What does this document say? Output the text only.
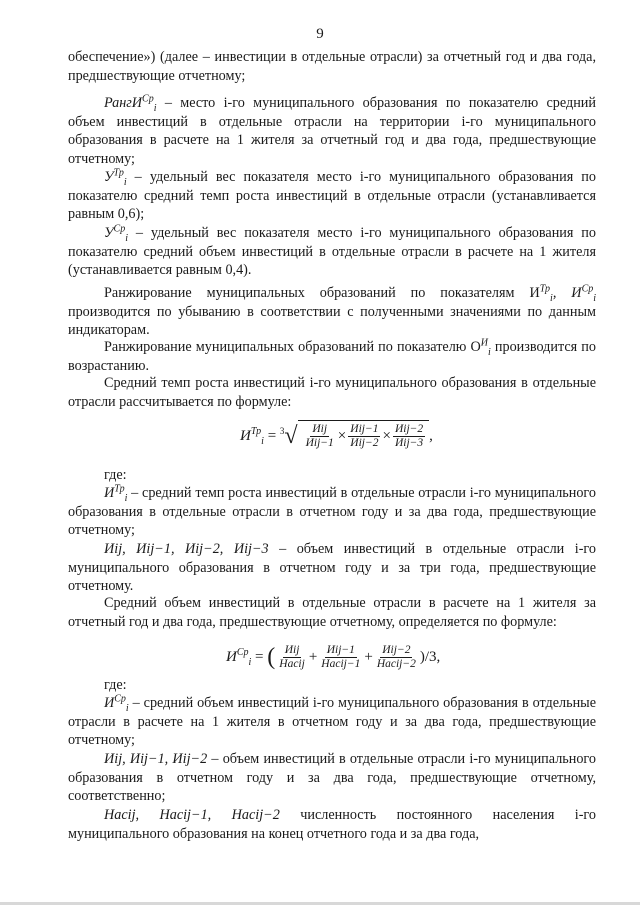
9
обеспечение») (далее – инвестиции в отдельные отрасли) за отчетный год и два года, предшествующие отчетному;
РангИ$^{Ср}_i$ – место i-го муниципального образования по показателю средний объем инвестиций в отдельные отрасли на территории i-го муниципального образования в расчете на 1 жителя за отчетный год и два года, предшествующие отчетному;
$У^{Тр}_i$ – удельный вес показателя место i-го муниципального образования по показателю средний темп роста инвестиций в отдельные отрасли (устанавливается равным 0,6);
$У^{Ср}_i$ – удельный вес показателя место i-го муниципального образования по показателю средний объем инвестиций в отдельные отрасли в расчете на 1 жителя (устанавливается равным 0,4).
Ранжирование муниципальных образований по показателям $И^{Тр}_i$, $И^{Ср}_i$ производится по убыванию в соответствии с полученными значениями по данным индикаторам.
Ранжирование муниципальных образований по показателю $О^И_i$ производится по возрастанию.
Средний темп роста инвестиций i-го муниципального образования в отдельные отрасли рассчитывается по формуле:
$И^{Тр}_i = ^3√ \frac{\text{Иij}}{\text{Иij−1}} \times \frac{\text{Иij−1}}{\text{Иij−2}} \times \frac{\text{Иij−2}}{\text{Иij−3}}$ ,
где:
$И^{Тр}_i$ – средний темп роста инвестиций в отдельные отрасли i-го муниципального образования в отдельные отрасли в отчетном году и за два года, предшествующие отчетному;
Иij, Иij−1, Иij−2, Иij−3 – объем инвестиций в отдельные отрасли i-го муниципального образования в отчетном году и за три года, предшествующие отчетному.
Средний объем инвестиций в отдельные отрасли в расчете на 1 жителя за отчетный год и два года, предшествующие отчетному, определяется по формуле:
$И^{Ср}_i$ = ( $\frac{\text{Иij}}{\text{Насij}} + \frac{\text{Иij−1}}{\text{Насij−1}} + \frac{\text{Иij−2}}{\text{Насij−2}} )/3$,
где:
$И^{Ср}_i$ – средний объем инвестиций i-го муниципального образования в отдельные отрасли в расчете на 1 жителя в отчетном году и за два года, предшествующие отчетному;
Иij, Иij−1, Иij−2 – объем инвестиций в отдельные отрасли i-го муниципального образования в отчетном году и за два года, предшествующие отчетному, соответственно;
Насij, Насij−1, Насij−2 численность постоянного населения i-го муниципального образования на конец отчетного года и за два года,
